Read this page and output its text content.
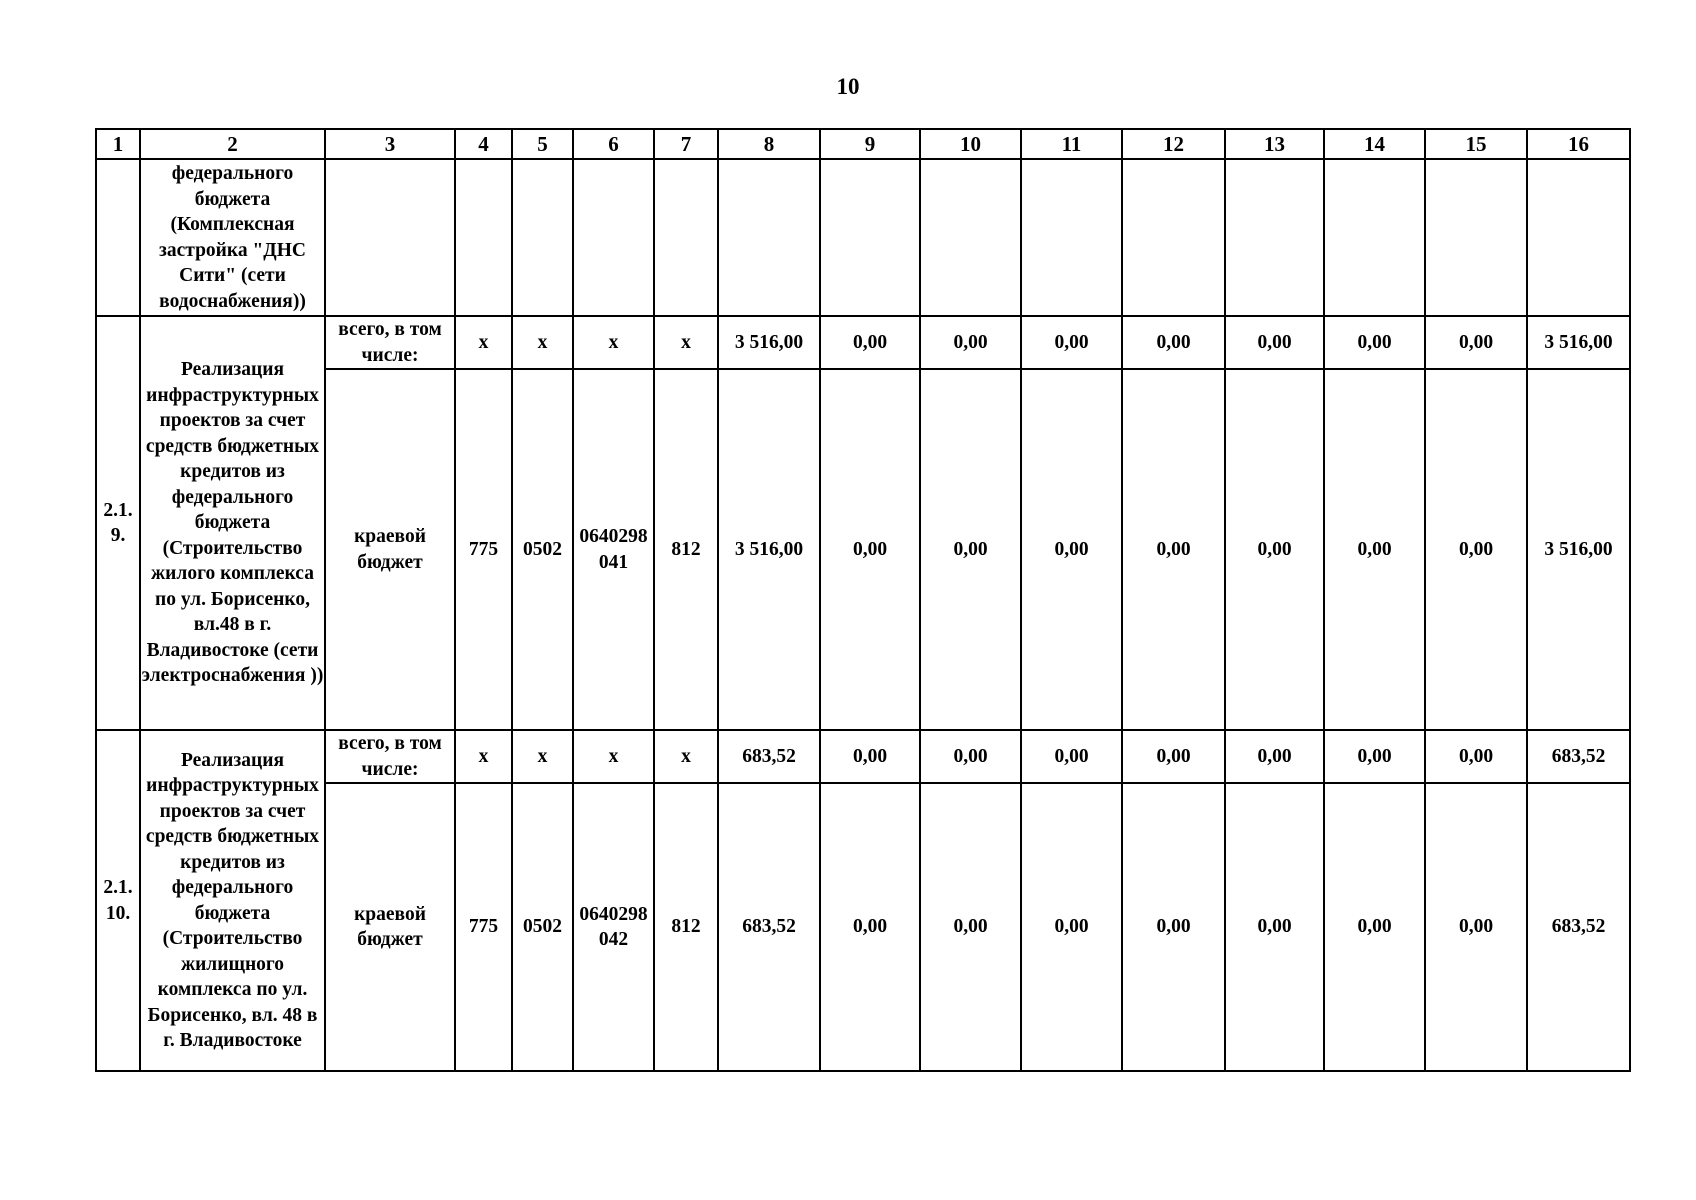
10
1	2	3	4	5	6	7	8	9	10	11	12	13	14	15	16
	федерального бюджета (Комплексная застройка "ДНС Сити" (сети водоснабжения))														
2.1. 9.	Реализация инфраструктурных проектов за счет средств бюджетных кредитов из федерального бюджета (Строительство жилого комплекса по ул. Борисенко, вл.48 в г. Владивостоке (сети электроснабжения ))	всего, в том числе:	x	x	x	x	3 516,00	0,00	0,00	0,00	0,00	0,00	0,00	0,00	3 516,00
		краевой бюджет	775	0502	0640298 041	812	3 516,00	0,00	0,00	0,00	0,00	0,00	0,00	0,00	3 516,00
2.1. 10.	Реализация инфраструктурных проектов за счет средств бюджетных кредитов из федерального бюджета (Строительство жилищного комплекса по ул. Борисенко, вл. 48 в г. Владивостоке	всего, в том числе:	x	x	x	x	683,52	0,00	0,00	0,00	0,00	0,00	0,00	0,00	683,52
		краевой бюджет	775	0502	0640298 042	812	683,52	0,00	0,00	0,00	0,00	0,00	0,00	0,00	683,52
